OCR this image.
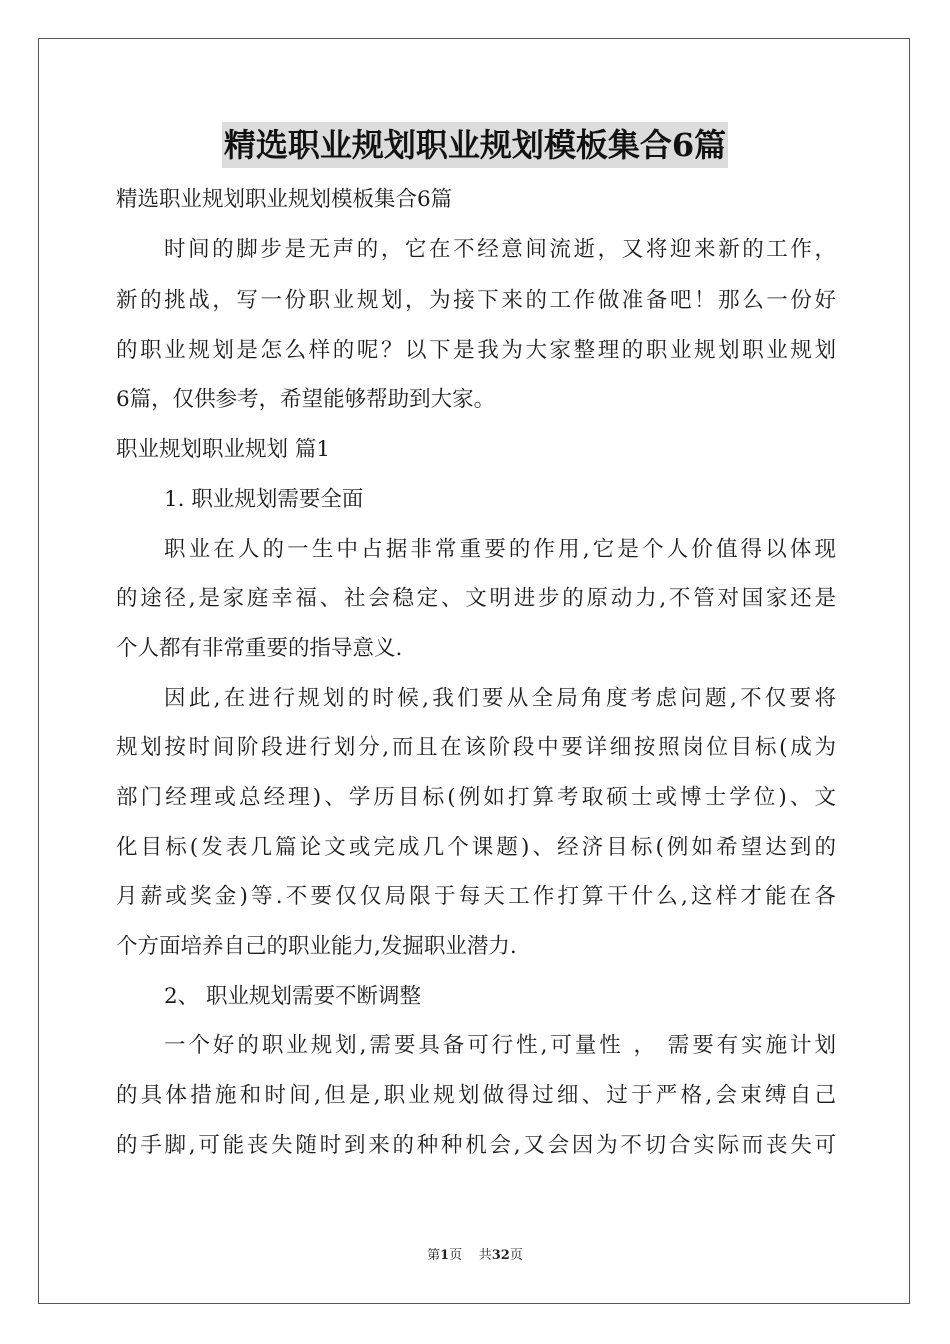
精选职业规划职业规划模板集合6篇
精选职业规划职业规划模板集合6篇
时间的脚步是无声的，它在不经意间流逝，又将迎来新的工作，
新的挑战，写一份职业规划，为接下来的工作做准备吧！那么一份好
的职业规划是怎么样的呢？以下是我为大家整理的职业规划职业规划
6篇，仅供参考，希望能够帮助到大家。
职业规划职业规划 篇1
1. 职业规划需要全面
职业在人的一生中占据非常重要的作用,它是个人价值得以体现
的途径,是家庭幸福、社会稳定、文明进步的原动力,不管对国家还是
个人都有非常重要的指导意义.
因此,在进行规划的时候,我们要从全局角度考虑问题,不仅要将
规划按时间阶段进行划分,而且在该阶段中要详细按照岗位目标(成为
部门经理或总经理)、学历目标(例如打算考取硕士或博士学位)、文
化目标(发表几篇论文或完成几个课题)、经济目标(例如希望达到的
月薪或奖金)等.不要仅仅局限于每天工作打算干什么,这样才能在各
个方面培养自己的职业能力,发掘职业潜力.
2、 职业规划需要不断调整
一个好的职业规划,需要具备可行性,可量性 ， 需要有实施计划
的具体措施和时间,但是,职业规划做得过细、过于严格,会束缚自己
的手脚,可能丧失随时到来的种种机会,又会因为不切合实际而丧失可
第1页 共32页
